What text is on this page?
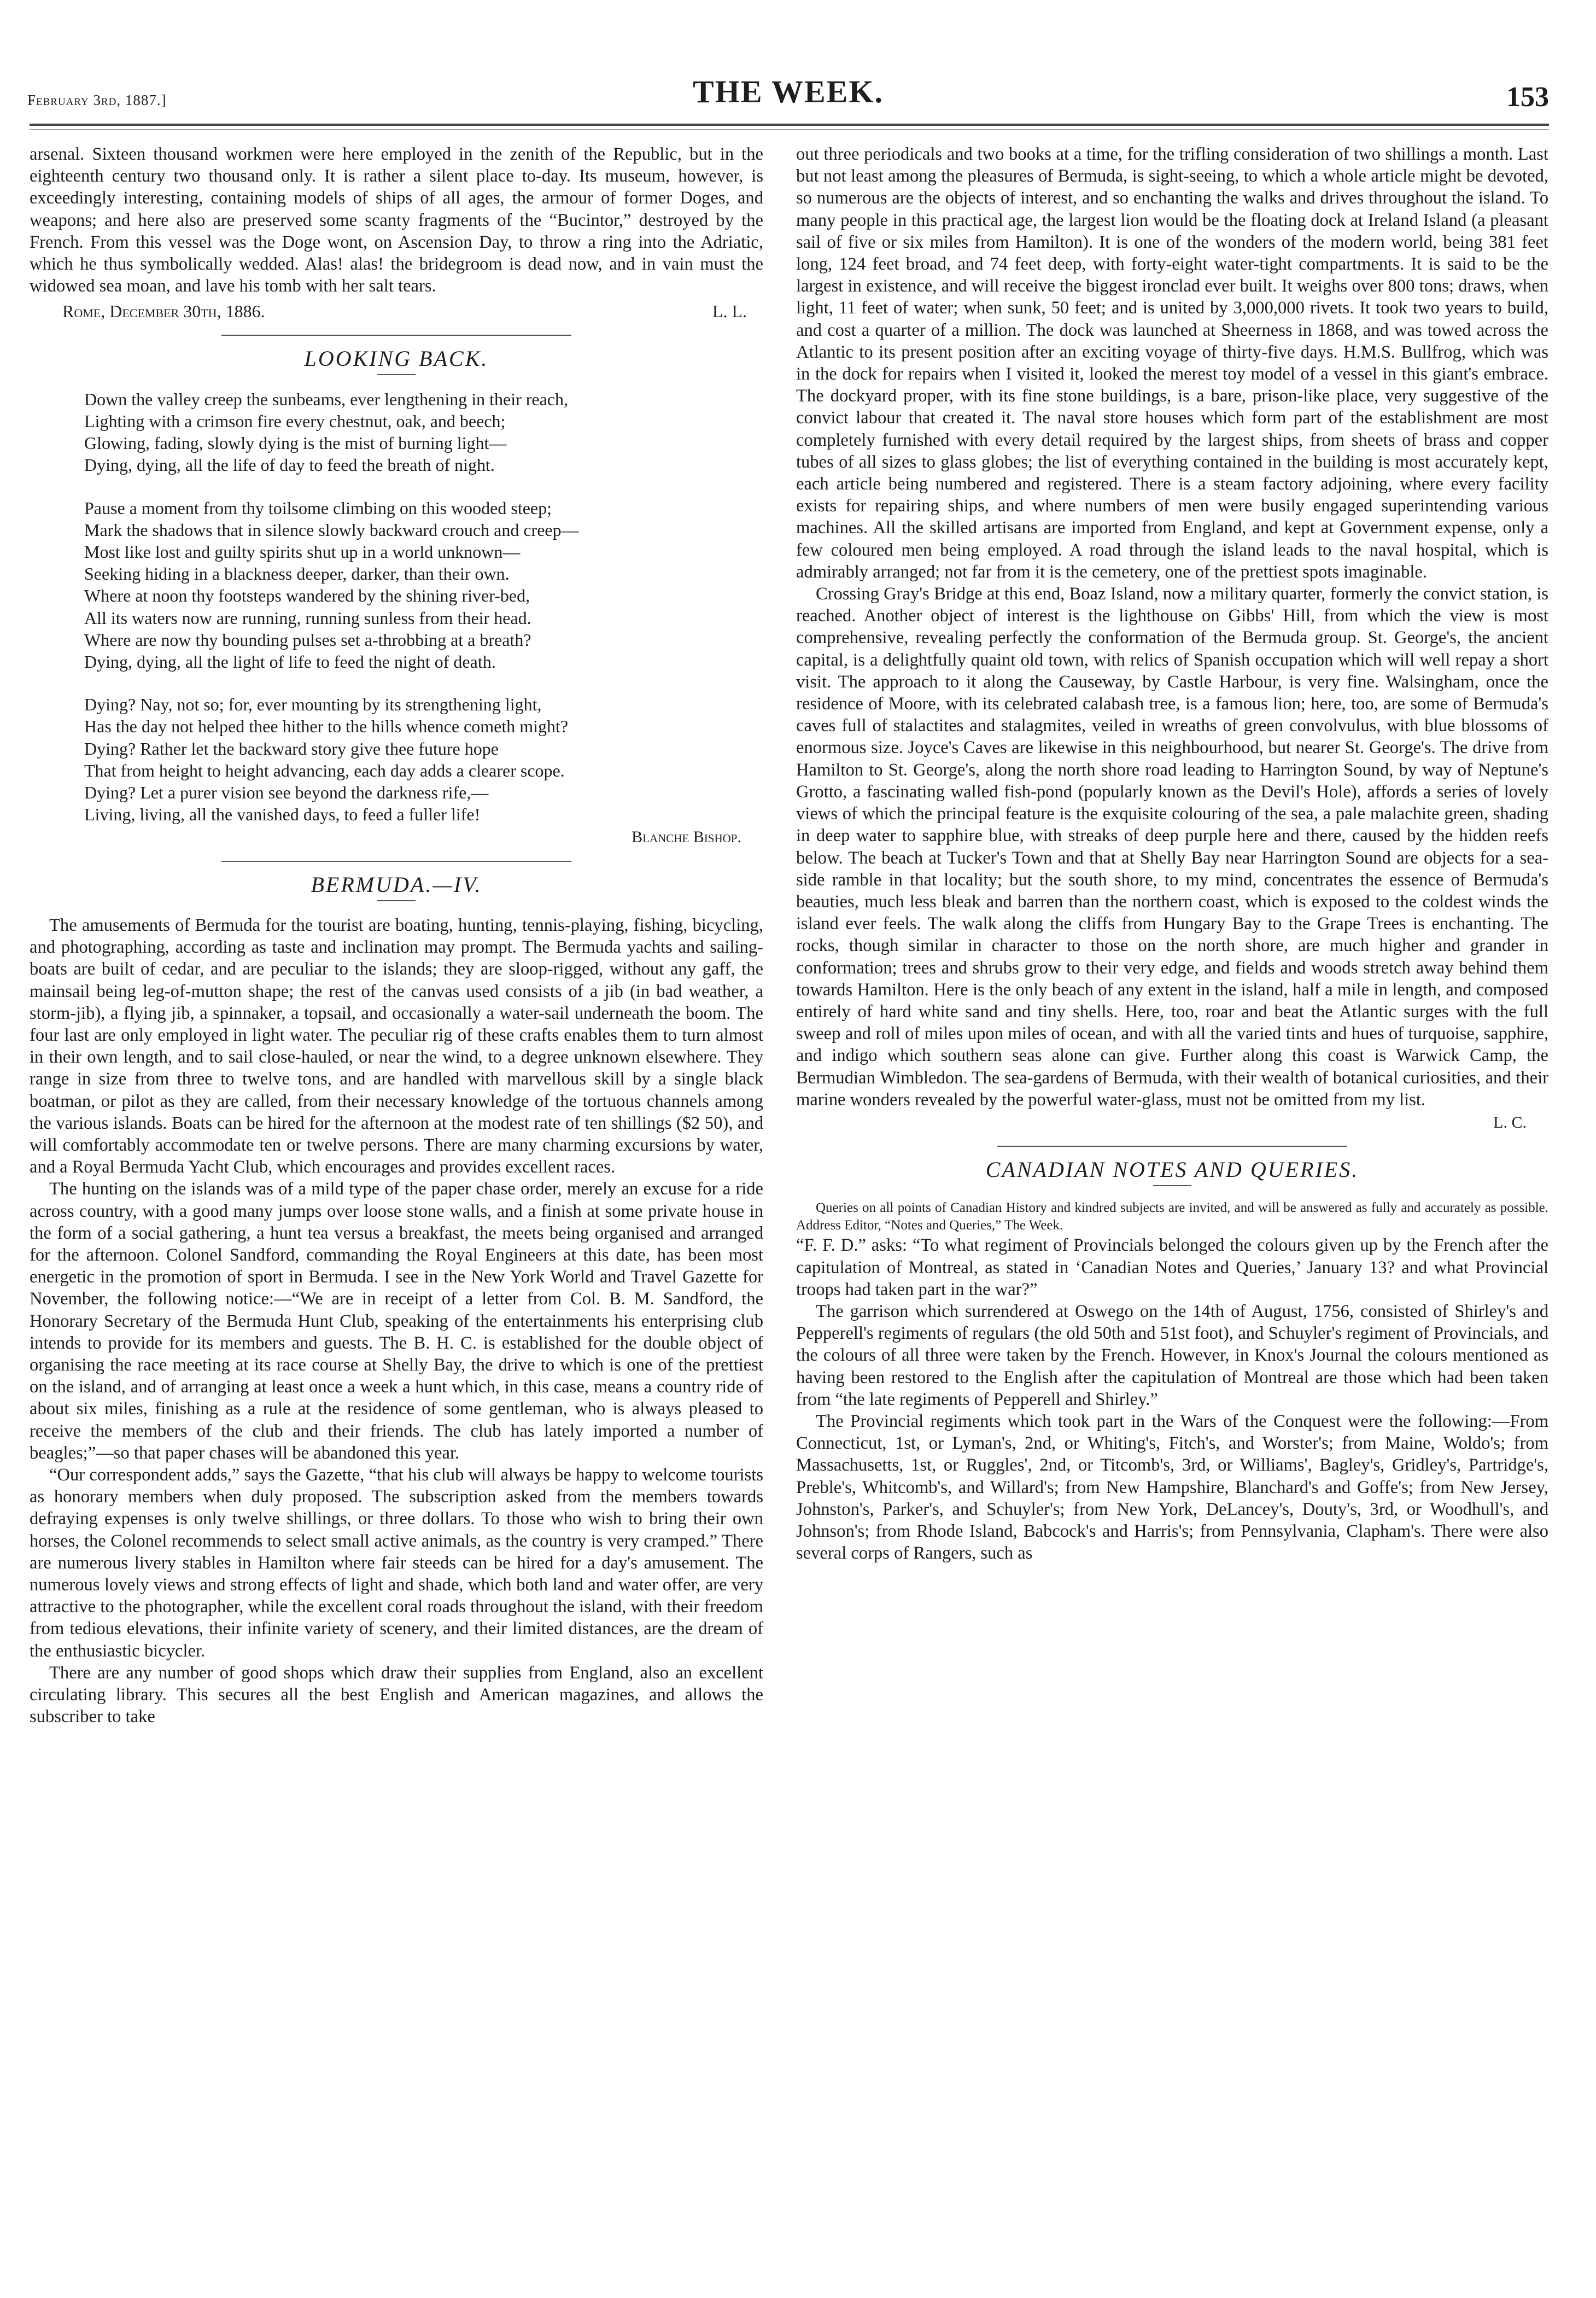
February 3rd, 1887.]	THE WEEK.	153

arsenal. Sixteen thousand workmen were here employed in the zenith of the Republic, but in the eighteenth century two thousand only. It is rather a silent place to-day. Its museum, however, is exceedingly interesting, containing models of ships of all ages, the armour of former Doges, and weapons; and here also are preserved some scanty fragments of the “Bucintor,” destroyed by the French. From this vessel was the Doge wont, on Ascension Day, to throw a ring into the Adriatic, which he thus symbolically wedded. Alas! alas! the bridegroom is dead now, and in vain must the widowed sea moan, and lave his tomb with her salt tears.

Rome, December 30th, 1886.	L. L.
LOOKING BACK.
Down the valley creep the sunbeams, ever lengthening in their reach,
Lighting with a crimson fire every chestnut, oak, and beech;
Glowing, fading, slowly dying is the mist of burning light—
Dying, dying, all the life of day to feed the breath of night.
Pause a moment from thy toilsome climbing on this wooded steep;
Mark the shadows that in silence slowly backward crouch and creep—
Most like lost and guilty spirits shut up in a world unknown—
Seeking hiding in a blackness deeper, darker, than their own.
Where at noon thy footsteps wandered by the shining river-bed,
All its waters now are running, running sunless from their head.
Where are now thy bounding pulses set a-throbbing at a breath?
Dying, dying, all the light of life to feed the night of death.
Dying? Nay, not so; for, ever mounting by its strengthening light,
Has the day not helped thee hither to the hills whence cometh might?
Dying? Rather let the backward story give thee future hope
That from height to height advancing, each day adds a clearer scope.
Dying? Let a purer vision see beyond the darkness rife,—
Living, living, all the vanished days, to feed a fuller life!
Blanche Bishop.
BERMUDA.—IV.

The amusements of Bermuda for the tourist are boating, hunting, tennis-playing, fishing, bicycling, and photographing, according as taste and inclination may prompt. The Bermuda yachts and sailing-boats are built of cedar, and are peculiar to the islands; they are sloop-rigged, without any gaff, the mainsail being leg-of-mutton shape; the rest of the canvas used consists of a jib (in bad weather, a storm-jib), a flying jib, a spinnaker, a topsail, and occasionally a water-sail underneath the boom. The four last are only employed in light water. The peculiar rig of these crafts enables them to turn almost in their own length, and to sail close-hauled, or near the wind, to a degree unknown elsewhere. They range in size from three to twelve tons, and are handled with marvellous skill by a single black boatman, or pilot as they are called, from their necessary knowledge of the tortuous channels among the various islands. Boats can be hired for the afternoon at the modest rate of ten shillings ($2 50), and will comfortably accommodate ten or twelve persons. There are many charming excursions by water, and a Royal Bermuda Yacht Club, which encourages and provides excellent races.

The hunting on the islands was of a mild type of the paper chase order, merely an excuse for a ride across country, with a good many jumps over loose stone walls, and a finish at some private house in the form of a social gathering, a hunt tea versus a breakfast, the meets being organised and arranged for the afternoon. Colonel Sandford, commanding the Royal Engineers at this date, has been most energetic in the promotion of sport in Bermuda. I see in the New York World and Travel Gazette for November, the following notice:—“We are in receipt of a letter from Col. B. M. Sandford, the Honorary Secretary of the Bermuda Hunt Club, speaking of the entertainments his enterprising club intends to provide for its members and guests. The B. H. C. is established for the double object of organising the race meeting at its race course at Shelly Bay, the drive to which is one of the prettiest on the island, and of arranging at least once a week a hunt which, in this case, means a country ride of about six miles, finishing as a rule at the residence of some gentleman, who is always pleased to receive the members of the club and their friends. The club has lately imported a number of beagles;”—so that paper chases will be abandoned this year.

“Our correspondent adds,” says the Gazette, “that his club will always be happy to welcome tourists as honorary members when duly proposed. The subscription asked from the members towards defraying expenses is only twelve shillings, or three dollars. To those who wish to bring their own horses, the Colonel recommends to select small active animals, as the country is very cramped.” There are numerous livery stables in Hamilton where fair steeds can be hired for a day's amusement. The numerous lovely views and strong effects of light and shade, which both land and water offer, are very attractive to the photographer, while the excellent coral roads throughout the island, with their freedom from tedious elevations, their infinite variety of scenery, and their limited distances, are the dream of the enthusiastic bicycler.

There are any number of good shops which draw their supplies from England, also an excellent circulating library. This secures all the best English and American magazines, and allows the subscriber to take

out three periodicals and two books at a time, for the trifling consideration of two shillings a month. Last but not least among the pleasures of Bermuda, is sight-seeing, to which a whole article might be devoted, so numerous are the objects of interest, and so enchanting the walks and drives throughout the island. To many people in this practical age, the largest lion would be the floating dock at Ireland Island (a pleasant sail of five or six miles from Hamilton). It is one of the wonders of the modern world, being 381 feet long, 124 feet broad, and 74 feet deep, with forty-eight water-tight compartments. It is said to be the largest in existence, and will receive the biggest ironclad ever built. It weighs over 800 tons; draws, when light, 11 feet of water; when sunk, 50 feet; and is united by 3,000,000 rivets. It took two years to build, and cost a quarter of a million. The dock was launched at Sheerness in 1868, and was towed across the Atlantic to its present position after an exciting voyage of thirty-five days. H.M.S. Bullfrog, which was in the dock for repairs when I visited it, looked the merest toy model of a vessel in this giant's embrace. The dockyard proper, with its fine stone buildings, is a bare, prison-like place, very suggestive of the convict labour that created it. The naval store houses which form part of the establishment are most completely furnished with every detail required by the largest ships, from sheets of brass and copper tubes of all sizes to glass globes; the list of everything contained in the building is most accurately kept, each article being numbered and registered. There is a steam factory adjoining, where every facility exists for repairing ships, and where numbers of men were busily engaged superintending various machines. All the skilled artisans are imported from England, and kept at Government expense, only a few coloured men being employed. A road through the island leads to the naval hospital, which is admirably arranged; not far from it is the cemetery, one of the prettiest spots imaginable.

Crossing Gray's Bridge at this end, Boaz Island, now a military quarter, formerly the convict station, is reached. Another object of interest is the lighthouse on Gibbs' Hill, from which the view is most comprehensive, revealing perfectly the conformation of the Bermuda group. St. George's, the ancient capital, is a delightfully quaint old town, with relics of Spanish occupation which will well repay a short visit. The approach to it along the Causeway, by Castle Harbour, is very fine. Walsingham, once the residence of Moore, with its celebrated calabash tree, is a famous lion; here, too, are some of Bermuda's caves full of stalactites and stalagmites, veiled in wreaths of green convolvulus, with blue blossoms of enormous size. Joyce's Caves are likewise in this neighbourhood, but nearer St. George's. The drive from Hamilton to St. George's, along the north shore road leading to Harrington Sound, by way of Neptune's Grotto, a fascinating walled fish-pond (popularly known as the Devil's Hole), affords a series of lovely views of which the principal feature is the exquisite colouring of the sea, a pale malachite green, shading in deep water to sapphire blue, with streaks of deep purple here and there, caused by the hidden reefs below. The beach at Tucker's Town and that at Shelly Bay near Harrington Sound are objects for a sea-side ramble in that locality; but the south shore, to my mind, concentrates the essence of Bermuda's beauties, much less bleak and barren than the northern coast, which is exposed to the coldest winds the island ever feels. The walk along the cliffs from Hungary Bay to the Grape Trees is enchanting. The rocks, though similar in character to those on the north shore, are much higher and grander in conformation; trees and shrubs grow to their very edge, and fields and woods stretch away behind them towards Hamilton. Here is the only beach of any extent in the island, half a mile in length, and composed entirely of hard white sand and tiny shells. Here, too, roar and beat the Atlantic surges with the full sweep and roll of miles upon miles of ocean, and with all the varied tints and hues of turquoise, sapphire, and indigo which southern seas alone can give. Further along this coast is Warwick Camp, the Bermudian Wimbledon. The sea-gardens of Bermuda, with their wealth of botanical curiosities, and their marine wonders revealed by the powerful water-glass, must not be omitted from my list.

L. C.
CANADIAN NOTES AND QUERIES.

Queries on all points of Canadian History and kindred subjects are invited, and will be answered as fully and accurately as possible. Address Editor, “Notes and Queries,” The Week.

“F. F. D.” asks: “To what regiment of Provincials belonged the colours given up by the French after the capitulation of Montreal, as stated in ‘Canadian Notes and Queries,’ January 13? and what Provincial troops had taken part in the war?”

The garrison which surrendered at Oswego on the 14th of August, 1756, consisted of Shirley's and Pepperell's regiments of regulars (the old 50th and 51st foot), and Schuyler's regiment of Provincials, and the colours of all three were taken by the French. However, in Knox's Journal the colours mentioned as having been restored to the English after the capitulation of Montreal are those which had been taken from “the late regiments of Pepperell and Shirley.”

The Provincial regiments which took part in the Wars of the Conquest were the following:—From Connecticut, 1st, or Lyman's, 2nd, or Whiting's, Fitch's, and Worster's; from Maine, Woldo's; from Massachusetts, 1st, or Ruggles', 2nd, or Titcomb's, 3rd, or Williams', Bagley's, Gridley's, Partridge's, Preble's, Whitcomb's, and Willard's; from New Hampshire, Blanchard's and Goffe's; from New Jersey, Johnston's, Parker's, and Schuyler's; from New York, DeLancey's, Douty's, 3rd, or Woodhull's, and Johnson's; from Rhode Island, Babcock's and Harris's; from Pennsylvania, Clapham's. There were also several corps of Rangers, such as
